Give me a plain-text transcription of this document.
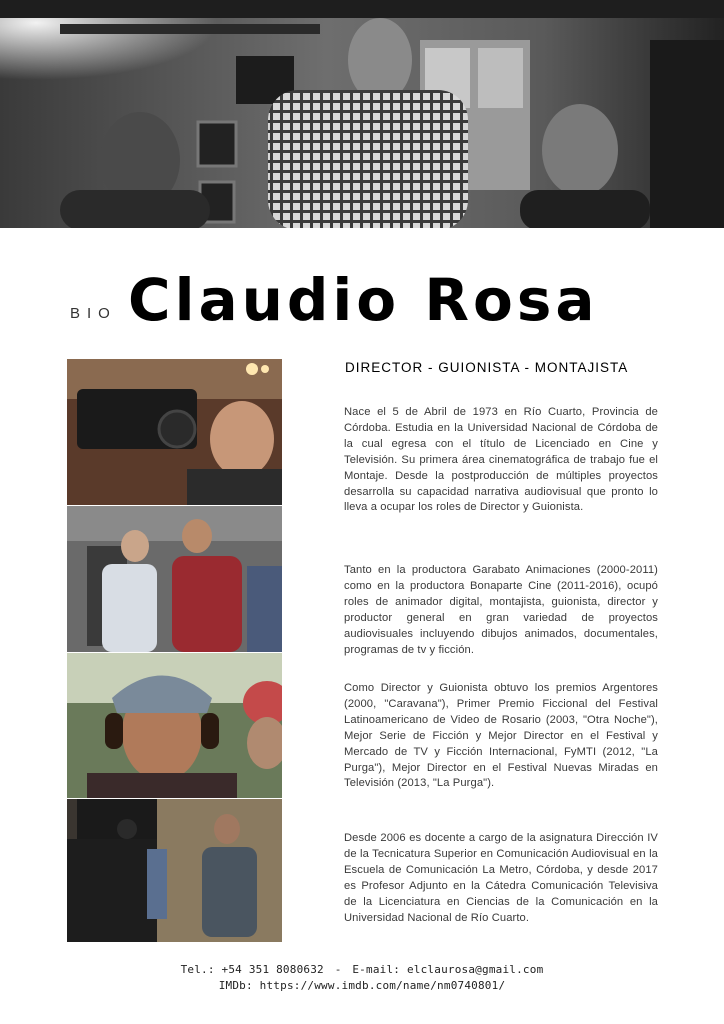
BIO Claudio Rosa
DIRECTOR - GUIONISTA - MONTAJISTA

Nace el 5 de Abril de 1973 en Río Cuarto, Provincia de Córdoba. Estudia en la Universidad Nacional de Córdoba de la cual egresa con el título de Licenciado en Cine y Televisión. Su primera área cinematográfica de trabajo fue el Montaje. Desde la postproducción de múltiples proyectos desarrolla su capacidad narrativa audiovisual que pronto lo lleva a ocupar los roles de Director y Guionista.

Tanto en la productora Garabato Animaciones (2000-2011) como en la productora Bonaparte Cine (2011-2016), ocupó roles de animador digital, montajista, guionista, director y productor general en gran variedad de proyectos audiovisuales incluyendo dibujos animados, documentales, programas de tv y ficción.

Como Director y Guionista obtuvo los premios Argentores (2000, "Caravana"), Primer Premio Ficcional del Festival Latinoamericano de Video de Rosario (2003, "Otra Noche"), Mejor Serie de Ficción y Mejor Director en el Festival y Mercado de TV y Ficción Internacional, FyMTI (2012, "La Purga"), Mejor Director en el Festival Nuevas Miradas en Televisión (2013, "La Purga").

Desde 2006 es docente a cargo de la asignatura Dirección IV de la Tecnicatura Superior en Comunicación Audiovisual en la Escuela de Comunicación La Metro, Córdoba, y desde 2017 es Profesor Adjunto en la Cátedra Comunicación Televisiva de la Licenciatura en Ciencias de la Comunicación en la Universidad Nacional de Río Cuarto.

Tel.: +54 351 8080632 - E-mail: elclaurosa@gmail.com
IMDb: https://www.imdb.com/name/nm0740801/
